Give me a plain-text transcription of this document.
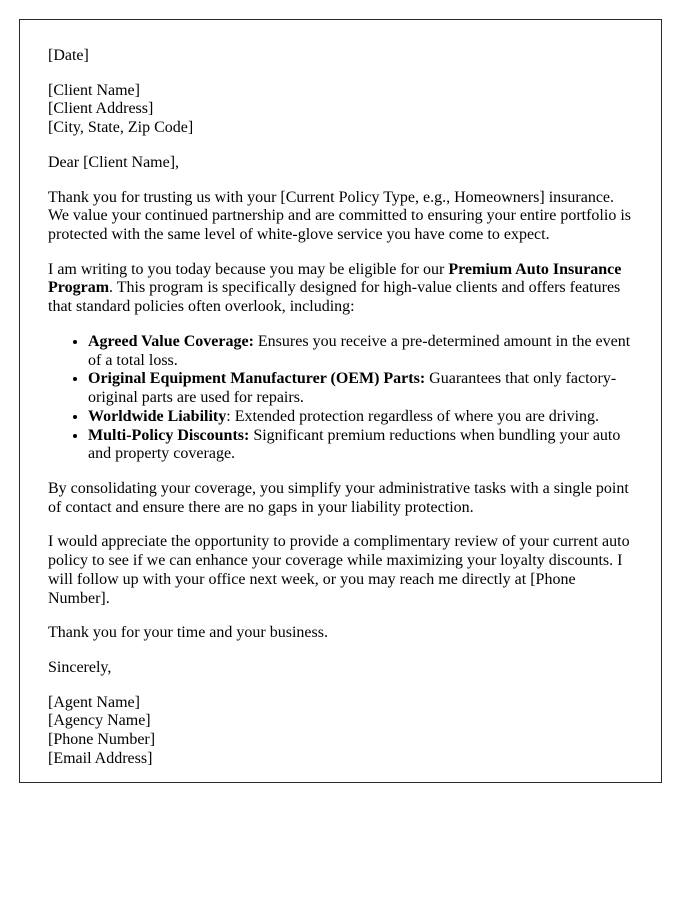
[Date]

[Client Name]
[Client Address]
[City, State, Zip Code]

Dear [Client Name],

Thank you for trusting us with your [Current Policy Type, e.g., Homeowners] insurance. We value your continued partnership and are committed to ensuring your entire portfolio is protected with the same level of white-glove service you have come to expect.

I am writing to you today because you may be eligible for our Premium Auto Insurance Program. This program is specifically designed for high-value clients and offers features that standard policies often overlook, including:

• Agreed Value Coverage: Ensures you receive a pre-determined amount in the event of a total loss.
• Original Equipment Manufacturer (OEM) Parts: Guarantees that only factory-original parts are used for repairs.
• Worldwide Liability: Extended protection regardless of where you are driving.
• Multi-Policy Discounts: Significant premium reductions when bundling your auto and property coverage.

By consolidating your coverage, you simplify your administrative tasks with a single point of contact and ensure there are no gaps in your liability protection.

I would appreciate the opportunity to provide a complimentary review of your current auto policy to see if we can enhance your coverage while maximizing your loyalty discounts. I will follow up with your office next week, or you may reach me directly at [Phone Number].

Thank you for your time and your business.

Sincerely,

[Agent Name]
[Agency Name]
[Phone Number]
[Email Address]
